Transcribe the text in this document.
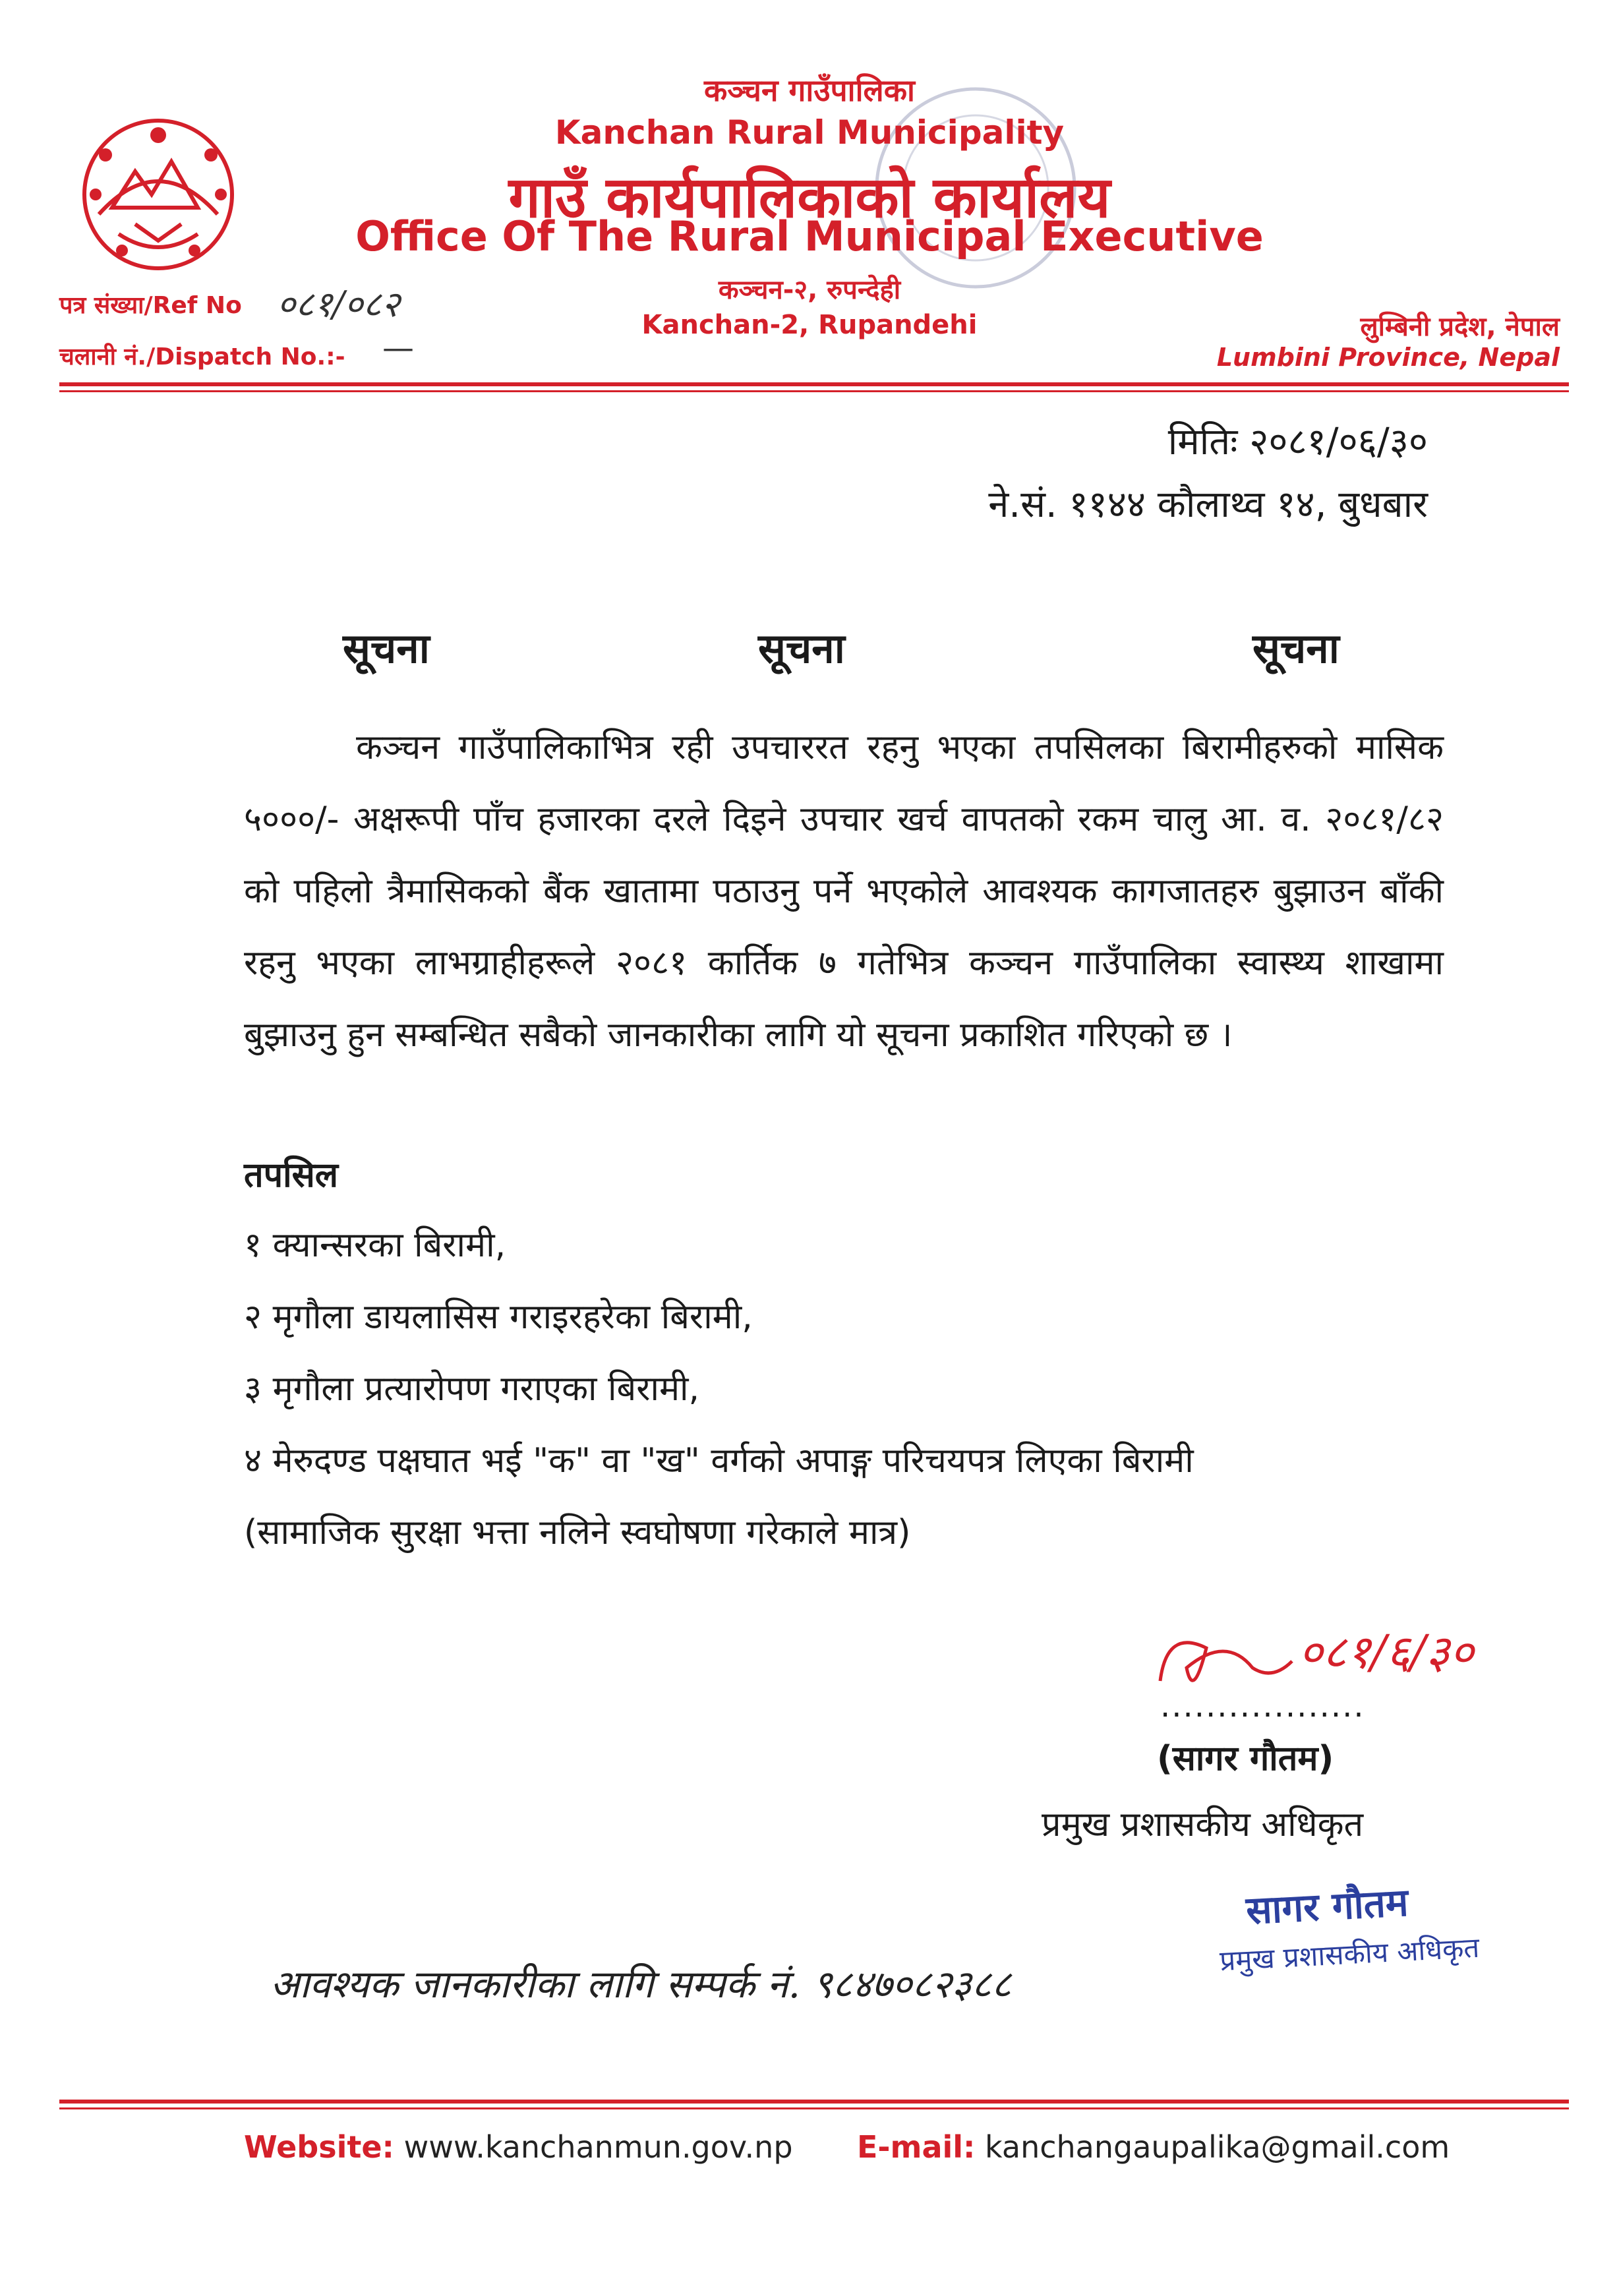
कञ्चन गाउँपालिका
Kanchan Rural Municipality
गाउँ कार्यपालिकाको कार्यालय
Office Of The Rural Municipal Executive
कञ्चन-२, रुपन्देही
Kanchan-2, Rupandehi
पत्र संख्या/Ref No ०८१/०८२
चलानी नं./Dispatch No.:- —
लुम्बिनी प्रदेश, नेपाल
Lumbini Province, Nepal
मितिः २०८१/०६/३०
ने.सं. ११४४ कौलाथ्व १४, बुधबार
सूचना	सूचना	सूचना
कञ्चन गाउँपालिकाभित्र रही उपचाररत रहनु भएका तपसिलका बिरामीहरुको मासिक ५०००/- अक्षरूपी पाँच हजारका दरले दिइने उपचार खर्च वापतको रकम चालु आ. व. २०८१/८२ को पहिलो त्रैमासिकको बैंक खातामा पठाउनु पर्ने भएकोले आवश्यक कागजातहरु बुझाउन बाँकी रहनु भएका लाभग्राहीहरूले २०८१ कार्तिक ७ गतेभित्र कञ्चन गाउँपालिका स्वास्थ्य शाखामा बुझाउनु हुन सम्बन्धित सबैको जानकारीका लागि यो सूचना प्रकाशित गरिएको छ ।
तपसिल
१ क्यान्सरका बिरामी,
२ मृगौला डायलासिस गराइरहरेका बिरामी,
३ मृगौला प्रत्यारोपण गराएका बिरामी,
४ मेरुदण्ड पक्षघात भई "क" वा "ख" वर्गको अपाङ्ग परिचयपत्र लिएका बिरामी
(सामाजिक सुरक्षा भत्ता नलिने स्वघोषणा गरेकाले मात्र)
०८१/६/३०
..................
(सागर गौतम)
प्रमुख प्रशासकीय अधिकृत
सागर गौतम
प्रमुख प्रशासकीय अधिकृत
आवश्यक जानकारीका लागि सम्पर्क नं. ९८४७०८२३८८
Website: www.kanchanmun.gov.np E-mail: kanchangaupalika@gmail.com
